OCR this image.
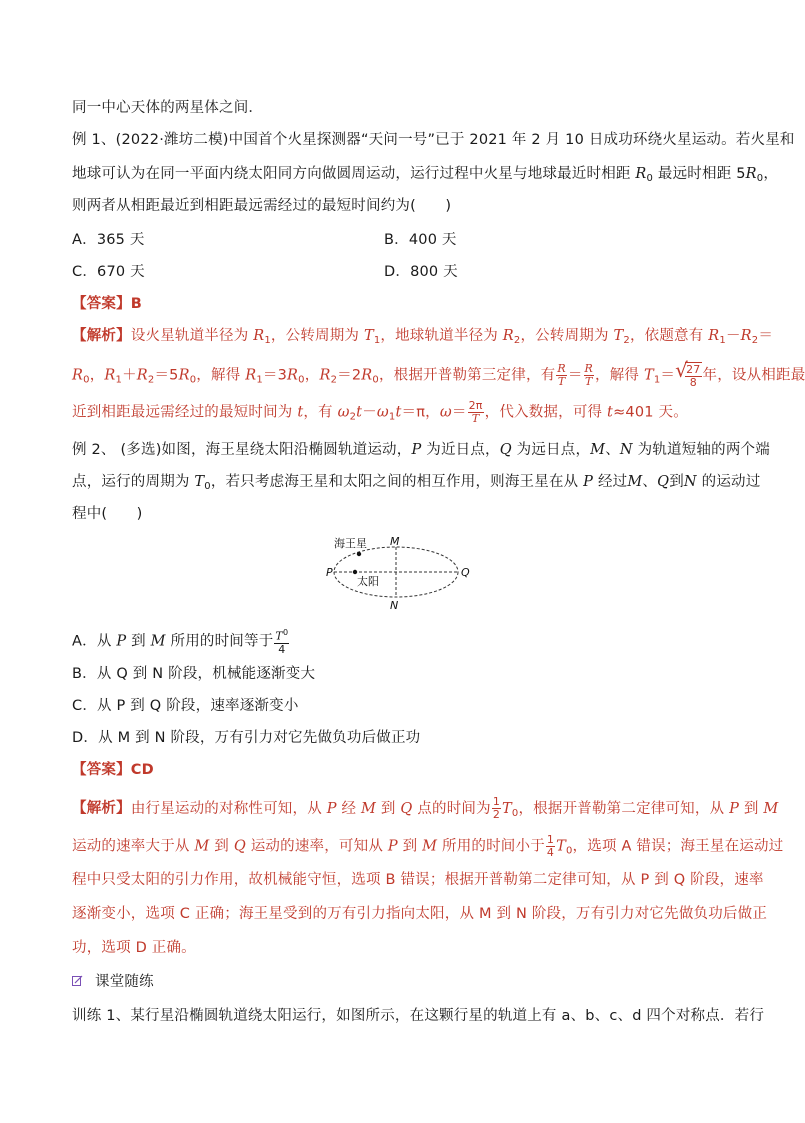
同一中心天体的两星体之间．
例 1、(2022·潍坊二模)中国首个火星探测器“天问一号”已于 2021 年 2 月 10 日成功环绕火星运动。若火星和
地球可认为在同一平面内绕太阳同方向做圆周运动，运行过程中火星与地球最近时相距 $R_0$ 最远时相距 $5R_0$，
则两者从相距最近到相距最远需经过的最短时间约为(　　)
A．365 天	B．400 天
C．670 天	D．800 天
【答案】B
【解析】设火星轨道半径为 $R_1$，公转周期为 $T_1$，地球轨道半径为 $R_2$，公转周期为 $T_2$，依题意有 $R_1-R_2=$
$R_0$，$R_1+R_2=5R_0$，解得 $R_1=3R_0$，$R_2=2R_0$，根据开普勒第三定律，有 $\frac{R}{T} = \frac{R}{T}$ ，解得 $T_1=$
√ $\frac{27}{8}$ 年，设从相距最
近到相距最远需经过的最短时间为 t，有 $\omega_2t-\omega_1t=\pi$，$\omega= \frac{2\pi}{T}$ ，代入数据，可得 t≈401 天。
例 2、 (多选)如图，海王星绕太阳沿椭圆轨道运动，P 为近日点，Q 为远日点，M、N 为轨道短轴的两个端
点，运行的周期为 $T_0$，若只考虑海王星和太阳之间的相互作用，则海王星在从 P 经过M、Q到N 的运动过
程中(　　)
海王星
太阳
M
N
P	Q
A．从 P 到 M 所用的时间等于 $\frac{T^0}{4}$
B．从 Q 到 N 阶段，机械能逐渐变大
C．从 P 到 Q 阶段，速率逐渐变小
D．从 M 到 N 阶段，万有引力对它先做负功后做正功
【答案】CD
【解析】由行星运动的对称性可知，从 P 经 M 到 Q 点的时间为 $\frac{1}{2} T_0$，根据开普勒第二定律可知，从 P 到 M
运动的速率大于从 M 到 Q 运动的速率，可知从 P 到 M 所用的时间小于 $\frac{1}{4} T_0$，选项 A 错误；海王星在运动过
程中只受太阳的引力作用，故机械能守恒，选项 B 错误；根据开普勒第二定律可知，从 P 到 Q 阶段，速率
逐渐变小，选项 C 正确；海王星受到的万有引力指向太阳，从 M 到 N 阶段，万有引力对它先做负功后做正
功，选项 D 正确。
课堂随练
训练 1、某行星沿椭圆轨道绕太阳运行，如图所示，在这颗行星的轨道上有 a、b、c、d 四个对称点．若行
